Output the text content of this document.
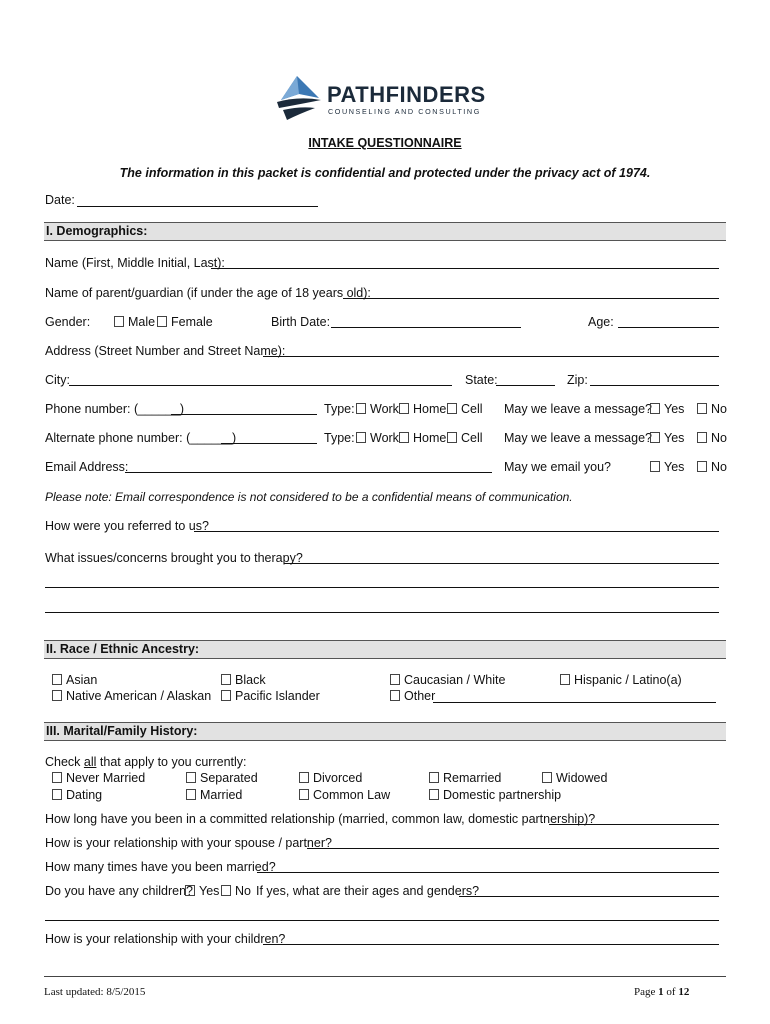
PATHFINDERS
COUNSELING AND CONSULTING
INTAKE QUESTIONNAIRE
The information in this packet is confidential and protected under the privacy act of 1974.
Date:
I. Demographics:
Name (First, Middle Initial, Last):
Name of parent/guardian (if under the age of 18 years old):
Gender:	Male	Female	Birth Date:	Age:
Address (Street Number and Street Name):
City:	State:	Zip:
Phone number: (______)	Type:	Work	Home	Cell May we leave a message? Yes	No
Alternate phone number: (______)	Type:	Work	Home	Cell May we leave a message? Yes	No
Email Address:	May we email you?	Yes	No
Please note: Email correspondence is not considered to be a confidential means of communication.
How were you referred to us?
What issues/concerns brought you to therapy?
II. Race / Ethnic Ancestry:
Asian	Black	Caucasian / White	Hispanic / Latino(a)
Native American / Alaskan	Pacific Islander	Other
III. Marital/Family History:
Check all that apply to you currently:
Never Married	Separated	Divorced	Remarried	Widowed
Dating	Married	Common Law	Domestic partnership
How long have you been in a committed relationship (married, common law, domestic partnership)?
How is your relationship with your spouse / partner?
How many times have you been married?
Do you have any children? Yes	No If yes, what are their ages and genders?
How is your relationship with your children?
Last updated: 8/5/2015	Page 1 of 12
